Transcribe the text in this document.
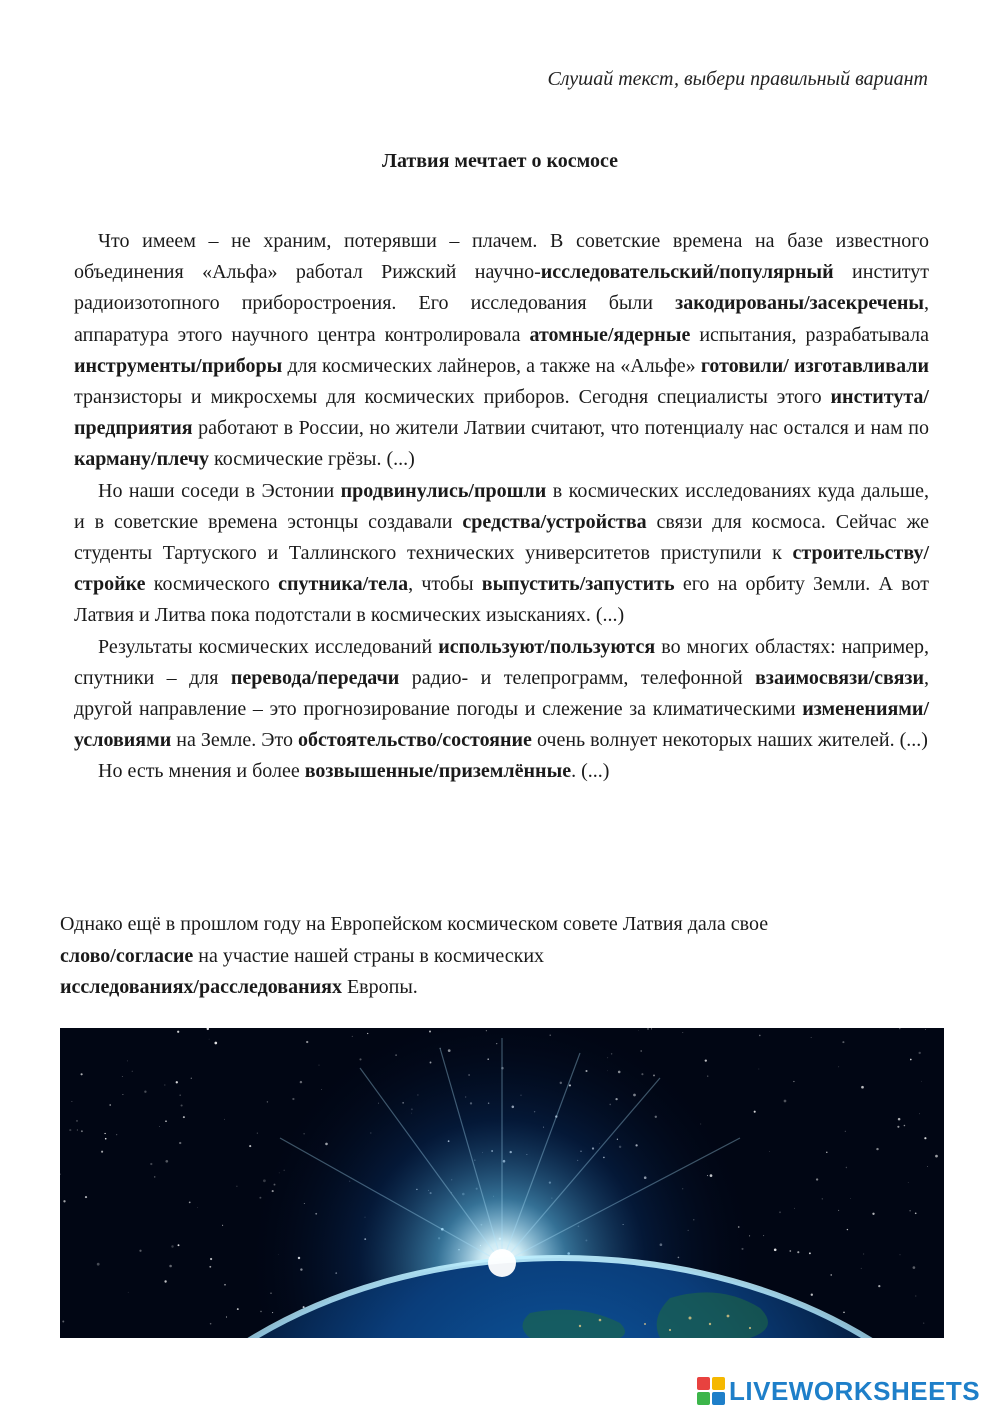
Слушай текст, выбери правильный вариант

Латвия мечтает о космосе

Что имеем – не храним, потерявши – плачем. В советские времена на базе известного объединения «Альфа» работал Рижский научно-исследовательский/популярный институт радиоизотопного приборостроения. Его исследования были закодированы/засекречены, аппаратура этого научного центра контролировала атомные/ядерные испытания, разрабатывала инструменты/приборы для космических лайнеров, а также на «Альфе» готовили/ изготавливали транзисторы и микросхемы для космических приборов. Сегодня специалисты этого института/предприятия работают в России, но жители Латвии считают, что потенциалу нас остался и нам по карману/плечу космические грёзы. (...)

Но наши соседи в Эстонии продвинулись/прошли в космических исследованиях куда дальше, и в советские времена эстонцы создавали средства/устройства связи для космоса. Сейчас же студенты Тартуского и Таллинского технических университетов приступили к строительству/стройке космического спутника/тела, чтобы выпустить/запустить его на орбиту Земли. А вот Латвия и Литва пока подотстали в космических изысканиях. (...)

Результаты космических исследований используют/пользуются во многих областях: например, спутники – для перевода/передачи радио- и телепрограмм, телефонной взаимосвязи/связи, другой направление – это прогнозирование погоды и слежение за климатическими изменениями/условиями на Земле. Это обстоятельство/состояние очень волнует некоторых наших жителей. (...)

Но есть мнения и более возвышенные/приземлённые. (...)

Однако ещё в прошлом году на Европейском космическом совете Латвия дала свое
слово/согласие на участие нашей страны в космических
исследованиях/расследованиях Европы.
LIVEWORKSHEETS
